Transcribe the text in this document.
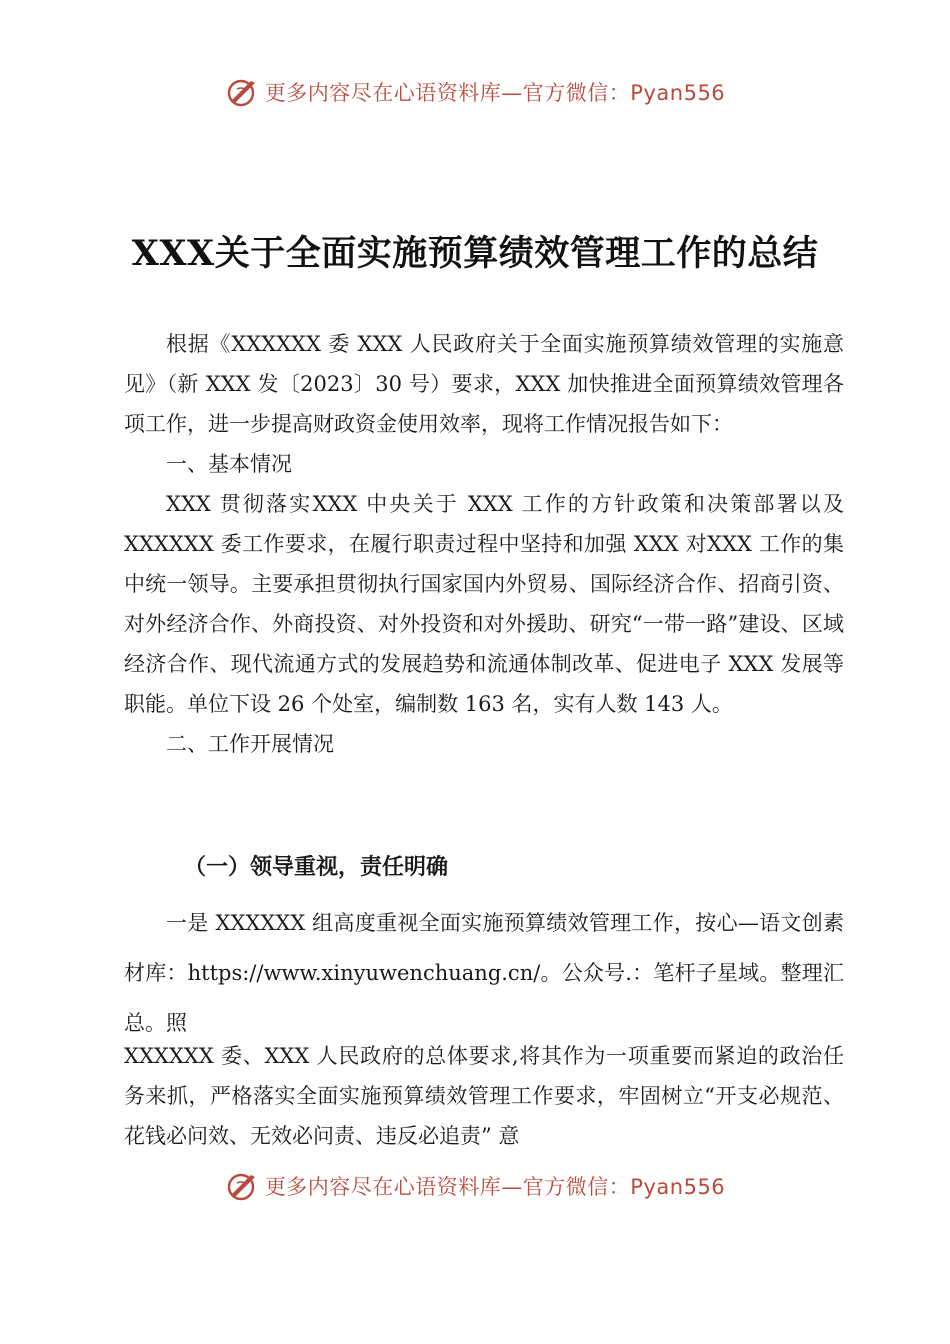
更多内容尽在心语资料库—官方微信：Pyan556
XXX关于全面实施预算绩效管理工作的总结

根据《XXXXXX 委 XXX 人民政府关于全面实施预算绩效管理的实施意见》（新 XXX 发〔2023〕30 号）要求，XXX 加快推进全面预算绩效管理各项工作，进一步提高财政资金使用效率，现将工作情况报告如下：

一、基本情况

XXX 贯彻落实XXX 中央关于 XXX 工作的方针政策和决策部署以及 XXXXXX 委工作要求，在履行职责过程中坚持和加强 XXX 对XXX 工作的集中统一领导。主要承担贯彻执行国家国内外贸易、国际经济合作、招商引资、对外经济合作、外商投资、对外投资和对外援助、研究“一带一路”建设、区域经济合作、现代流通方式的发展趋势和流通体制改革、促进电子 XXX 发展等职能。单位下设 26 个处室，编制数 163 名，实有人数 143 人。

二、工作开展情况

（一）领导重视，责任明确

一是 XXXXXX 组高度重视全面实施预算绩效管理工作，按心—语文创素材库：https://www.xinyuwenchuang.cn/。公众号.：笔杆子星域。整理汇总。照

XXXXXX 委、XXX 人民政府的总体要求,将其作为一项重要而紧迫的政治任务来抓，严格落实全面实施预算绩效管理工作要求，牢固树立“开支必规范、花钱必问效、无效必问责、违反必追责” 意

更多内容尽在心语资料库—官方微信：Pyan556
